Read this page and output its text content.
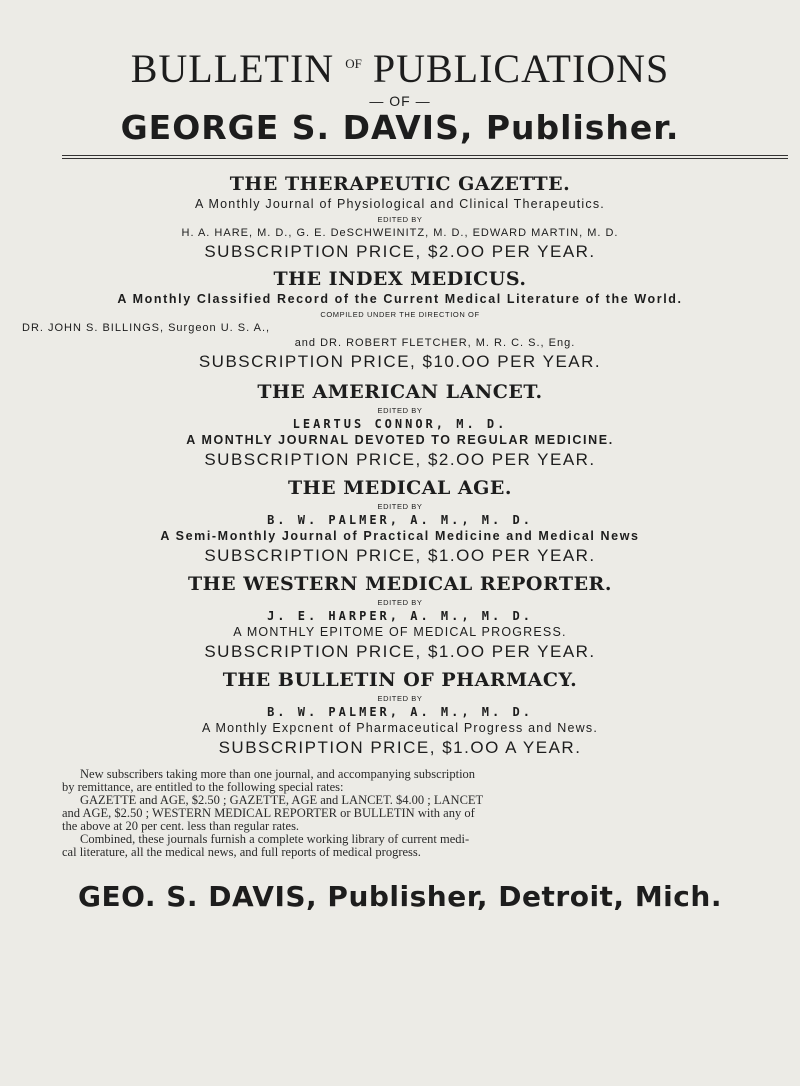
BULLETIN $^{OF}$ PUBLICATIONS
— OF —
GEORGE S. DAVIS, Publisher.

THE THERAPEUTIC GAZETTE.

A Monthly Journal of Physiological and Clinical Therapeutics.

EDITED BY

H. A. HARE, M. D., G. E. DeSCHWEINITZ, M. D., EDWARD MARTIN, M. D.

SUBSCRIPTION PRICE, $2.OO PER YEAR.

THE INDEX MEDICUS.

A Monthly Classified Record of the Current Medical Literature of the World.

COMPILED UNDER THE DIRECTION OF

DR. JOHN S. BILLINGS, Surgeon U. S. A.,

and DR. ROBERT FLETCHER, M. R. C. S., Eng.

SUBSCRIPTION PRICE, $10.OO PER YEAR.

THE AMERICAN LANCET.

EDITED BY

LEARTUS CONNOR, M. D.

A MONTHLY JOURNAL DEVOTED TO REGULAR MEDICINE.

SUBSCRIPTION PRICE, $2.OO PER YEAR.

THE MEDICAL AGE.

EDITED BY

B. W. PALMER, A. M., M. D.

A Semi-Monthly Journal of Practical Medicine and Medical News

SUBSCRIPTION PRICE, $1.OO PER YEAR.

THE WESTERN MEDICAL REPORTER.

EDITED BY

J. E. HARPER, A. M., M. D.

A MONTHLY EPITOME OF MEDICAL PROGRESS.

SUBSCRIPTION PRICE, $1.OO PER YEAR.

THE BULLETIN OF PHARMACY.

EDITED BY

B. W. PALMER, A. M., M. D.

A Monthly Expcnent of Pharmaceutical Progress and News.

SUBSCRIPTION PRICE, $1.OO A YEAR.

New subscribers taking more than one journal, and accompanying subscription

by remittance, are entitled to the following special rates:

GAZETTE and AGE, $2.50 ; GAZETTE, AGE and LANCET. $4.00 ; LANCET

and AGE, $2.50 ; WESTERN MEDICAL REPORTER or BULLETIN with any of

the above at 20 per cent. less than regular rates.

Combined, these journals furnish a complete working library of current medi-

cal literature, all the medical news, and full reports of medical progress.

GEO. S. DAVIS, Publisher, Detroit, Mich.
